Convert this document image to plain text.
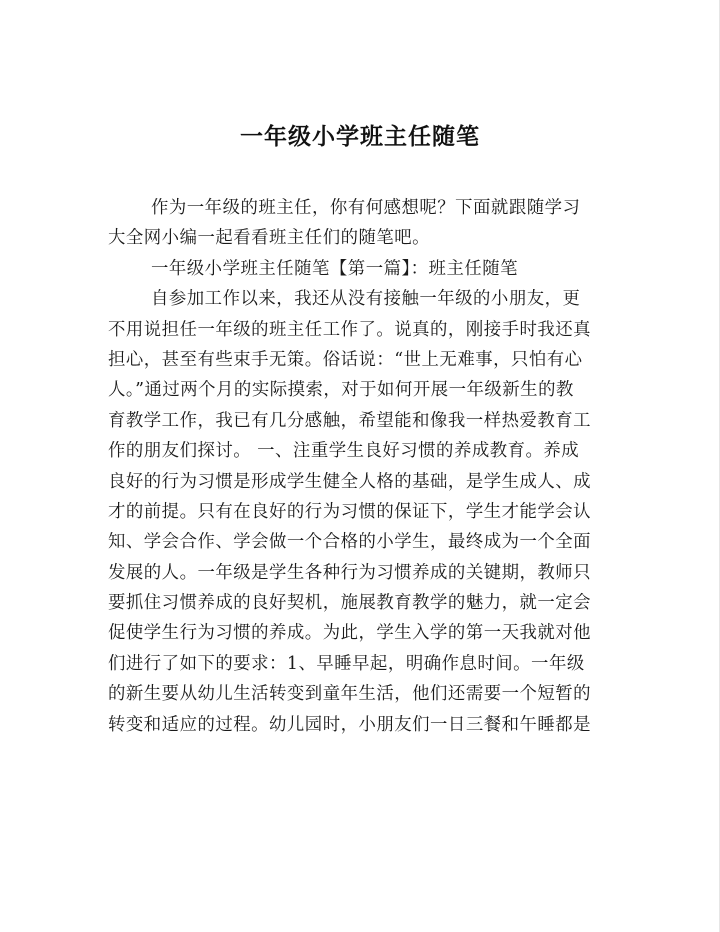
一年级小学班主任随笔
作为一年级的班主任，你有何感想呢？下面就跟随学习
大全网小编一起看看班主任们的随笔吧。
一年级小学班主任随笔【第一篇】：班主任随笔
自参加工作以来，我还从没有接触一年级的小朋友，更
不用说担任一年级的班主任工作了。说真的，刚接手时我还真
担心，甚至有些束手无策。俗话说：“世上无难事，只怕有心
人。”通过两个月的实际摸索，对于如何开展一年级新生的教
育教学工作，我已有几分感触，希望能和像我一样热爱教育工
作的朋友们探讨。 一、注重学生良好习惯的养成教育。养成
良好的行为习惯是形成学生健全人格的基础，是学生成人、成
才的前提。只有在良好的行为习惯的保证下，学生才能学会认
知、学会合作、学会做一个合格的小学生，最终成为一个全面
发展的人。一年级是学生各种行为习惯养成的关键期，教师只
要抓住习惯养成的良好契机，施展教育教学的魅力，就一定会
促使学生行为习惯的养成。为此，学生入学的第一天我就对他
们进行了如下的要求：1、早睡早起，明确作息时间。一年级
的新生要从幼儿生活转变到童年生活，他们还需要一个短暂的
转变和适应的过程。幼儿园时，小朋友们一日三餐和午睡都是
